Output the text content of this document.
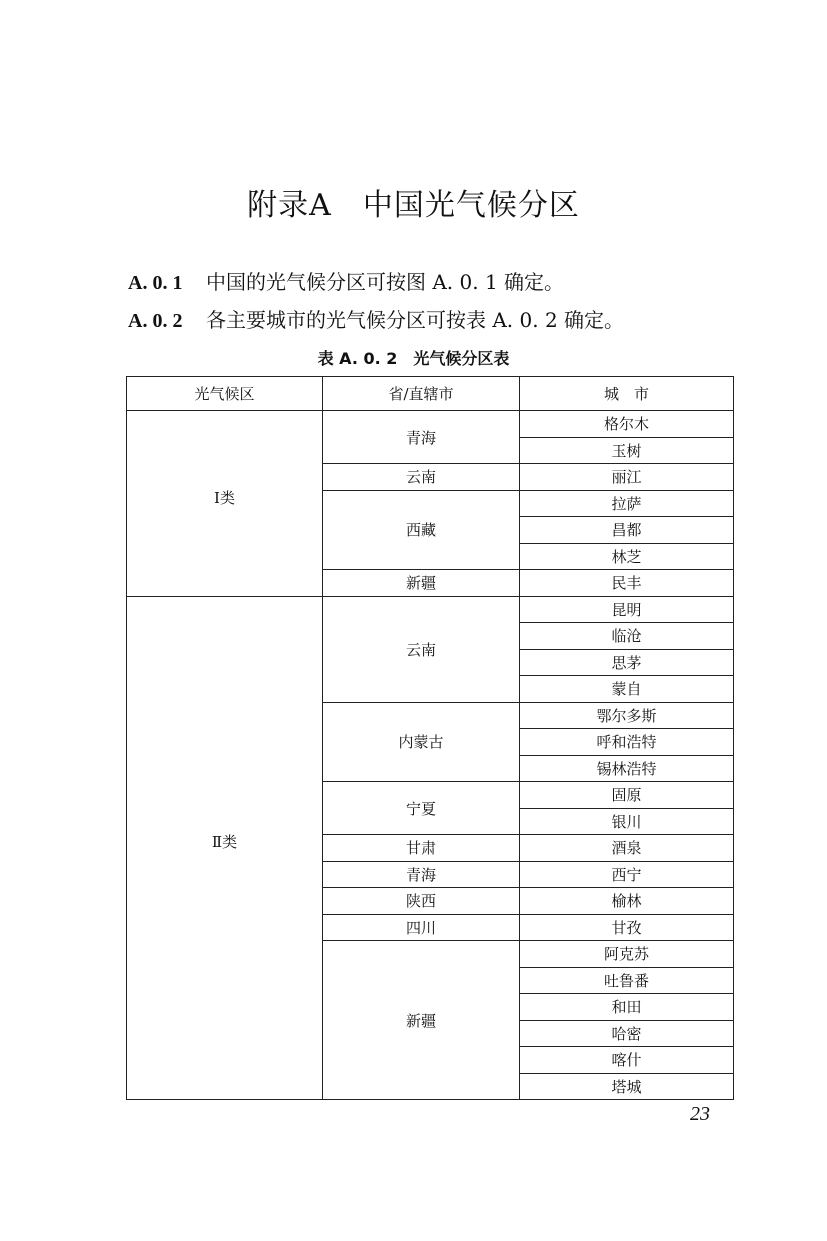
附录A　中国光气候分区
A. 0. 1 中国的光气候分区可按图 A. 0. 1 确定。
A. 0. 2 各主要城市的光气候分区可按表 A. 0. 2 确定。
表 A. 0. 2　光气候分区表
光气候区	省/直辖市	城　市
Ⅰ类	青海	格尔木
		玉树
	云南	丽江
	西藏	拉萨
		昌都
		林芝
	新疆	民丰
Ⅱ类	云南	昆明
		临沧
		思茅
		蒙自
	内蒙古	鄂尔多斯
		呼和浩特
		锡林浩特
	宁夏	固原
		银川
	甘肃	酒泉
	青海	西宁
	陕西	榆林
	四川	甘孜
	新疆	阿克苏
		吐鲁番
		和田
		哈密
		喀什
		塔城
23
